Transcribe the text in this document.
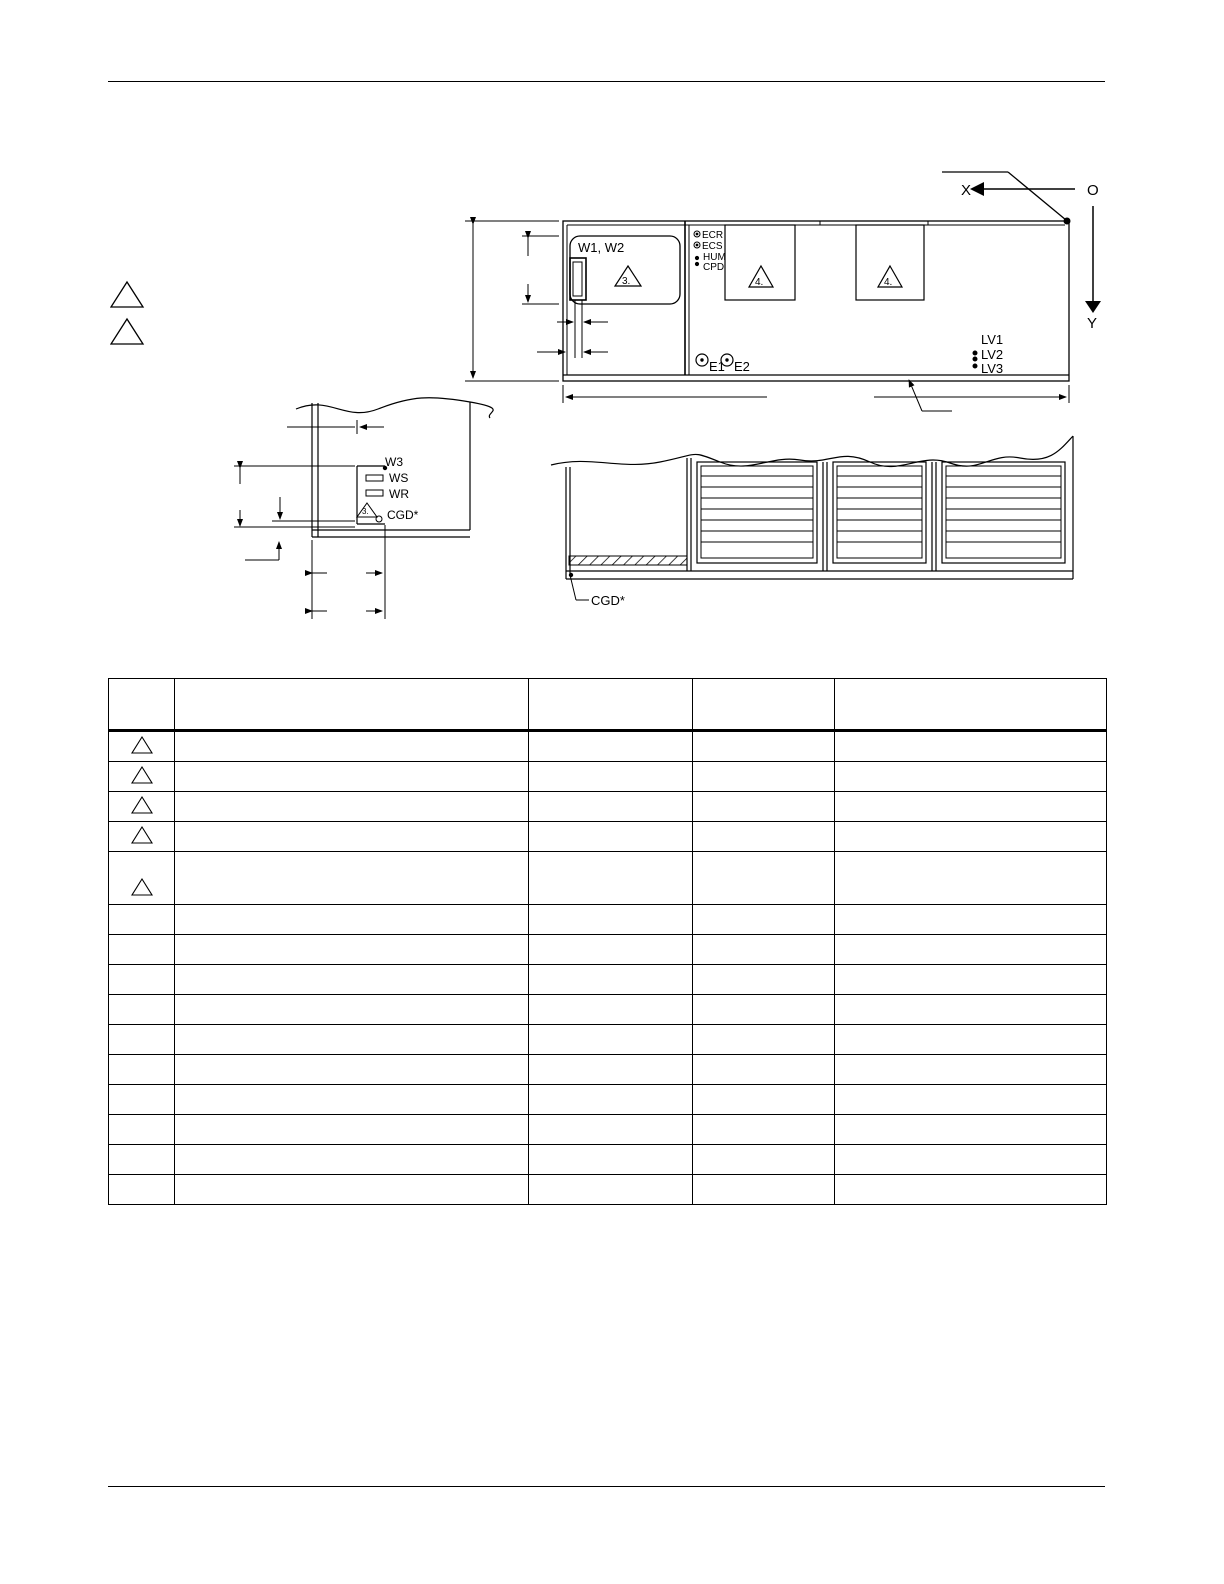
X	O
Y
W1, W2
3.	4.	4.
ECR
ECS
HUM
CPD
E1 E2
LV1
LV2
LV3
W3
WS
WR
3. CGD*
CGD*
